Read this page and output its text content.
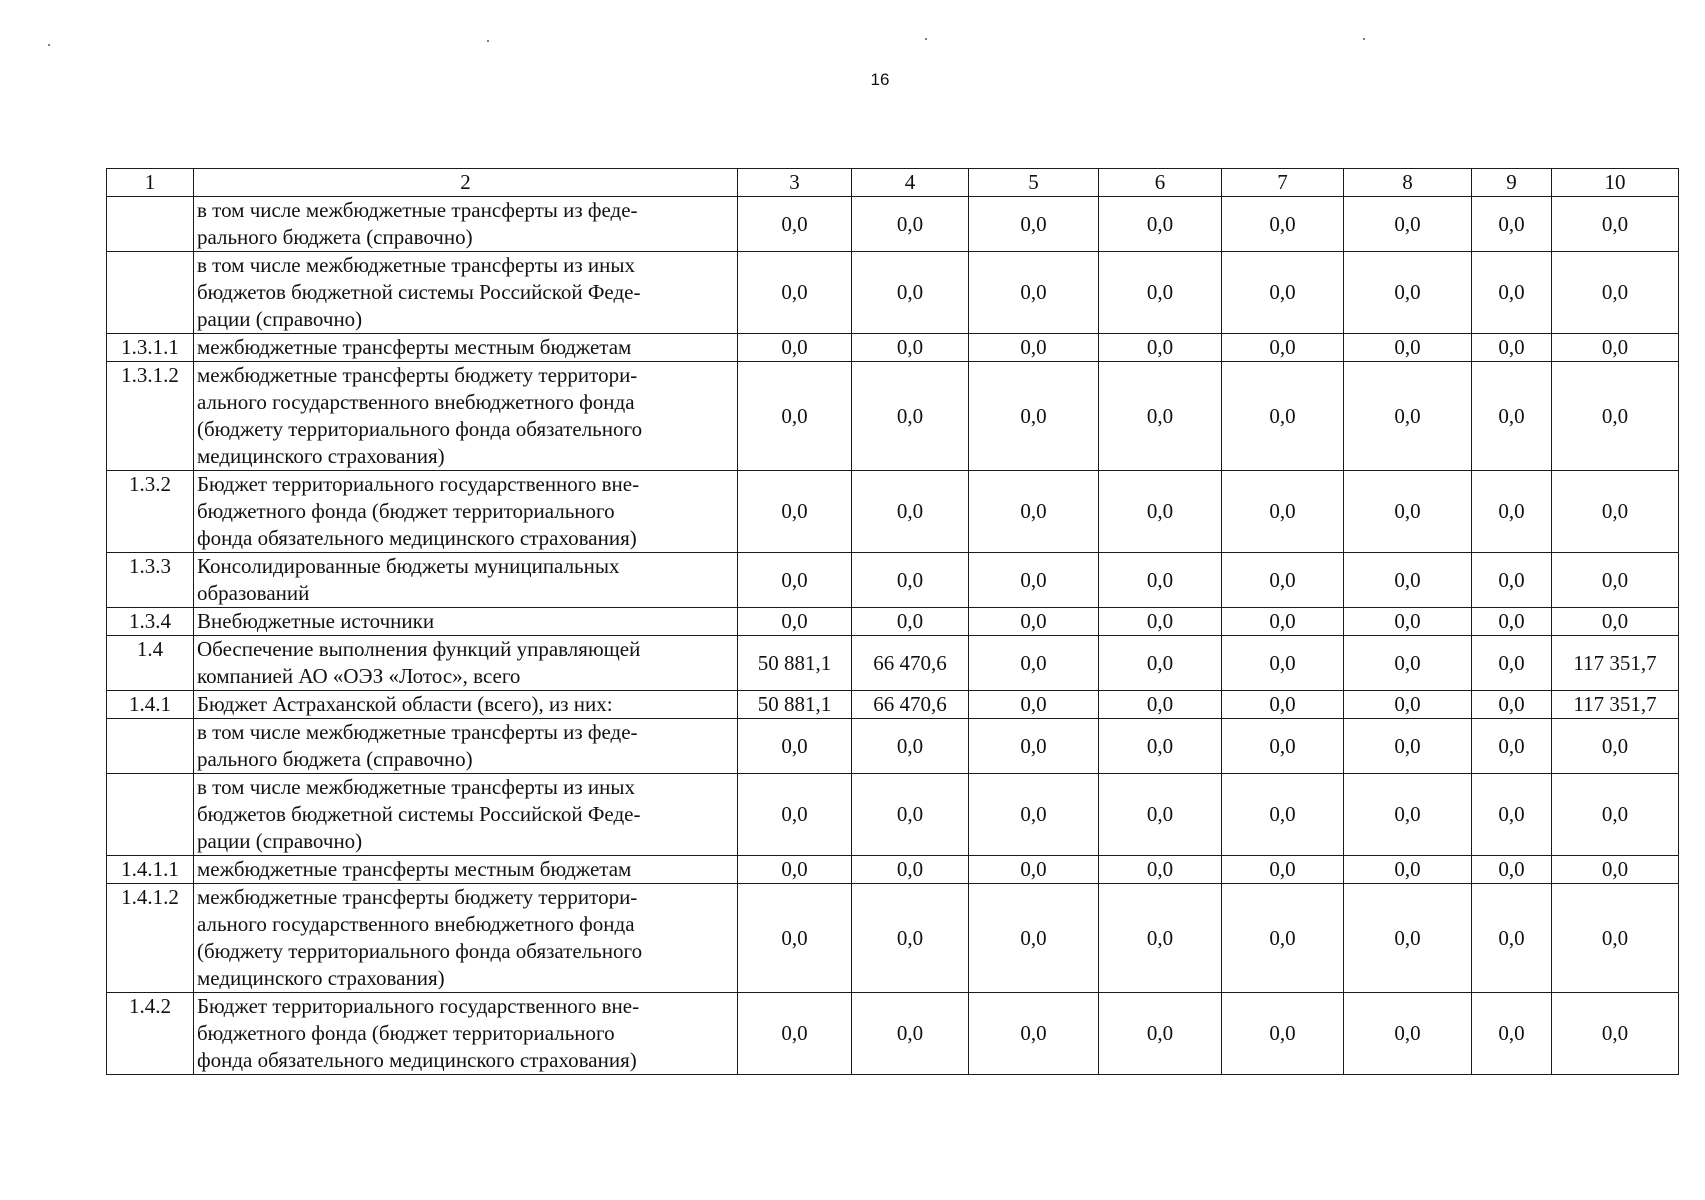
16
1	2	3	4	5	6	7	8	9	10

	в том числе межбюджетные трансферты из феде-
рального бюджета (справочно)	0,0	0,0	0,0	0,0	0,0	0,0	0,0	0,0

	в том числе межбюджетные трансферты из иных
бюджетов бюджетной системы Российской Феде-
рации (справочно)	0,0	0,0	0,0	0,0	0,0	0,0	0,0	0,0
1.3.1.1	межбюджетные трансферты местным бюджетам	0,0	0,0	0,0	0,0	0,0	0,0	0,0	0,0
1.3.1.2	межбюджетные трансферты бюджету территори-
ального государственного внебюджетного фонда
(бюджету территориального фонда обязательного
медицинского страхования)	0,0	0,0	0,0	0,0	0,0	0,0	0,0	0,0
1.3.2	Бюджет территориального государственного вне-
бюджетного фонда (бюджет территориального
фонда обязательного медицинского страхования)	0,0	0,0	0,0	0,0	0,0	0,0	0,0	0,0
1.3.3	Консолидированные бюджеты муниципальных
образований	0,0	0,0	0,0	0,0	0,0	0,0	0,0	0,0
1.3.4	Внебюджетные источники	0,0	0,0	0,0	0,0	0,0	0,0	0,0	0,0
1.4	Обеспечение выполнения функций управляющей
компанией АО «ОЭЗ «Лотос», всего	50 881,1	66 470,6	0,0	0,0	0,0	0,0	0,0	117 351,7
1.4.1	Бюджет Астраханской области (всего), из них:	50 881,1	66 470,6	0,0	0,0	0,0	0,0	0,0	117 351,7

	в том числе межбюджетные трансферты из феде-
рального бюджета (справочно)	0,0	0,0	0,0	0,0	0,0	0,0	0,0	0,0

	в том числе межбюджетные трансферты из иных
бюджетов бюджетной системы Российской Феде-
рации (справочно)	0,0	0,0	0,0	0,0	0,0	0,0	0,0	0,0
1.4.1.1	межбюджетные трансферты местным бюджетам	0,0	0,0	0,0	0,0	0,0	0,0	0,0	0,0
1.4.1.2	межбюджетные трансферты бюджету территори-
ального государственного внебюджетного фонда
(бюджету территориального фонда обязательного
медицинского страхования)	0,0	0,0	0,0	0,0	0,0	0,0	0,0	0,0
1.4.2	Бюджет территориального государственного вне-
бюджетного фонда (бюджет территориального
фонда обязательного медицинского страхования)	0,0	0,0	0,0	0,0	0,0	0,0	0,0	0,0
